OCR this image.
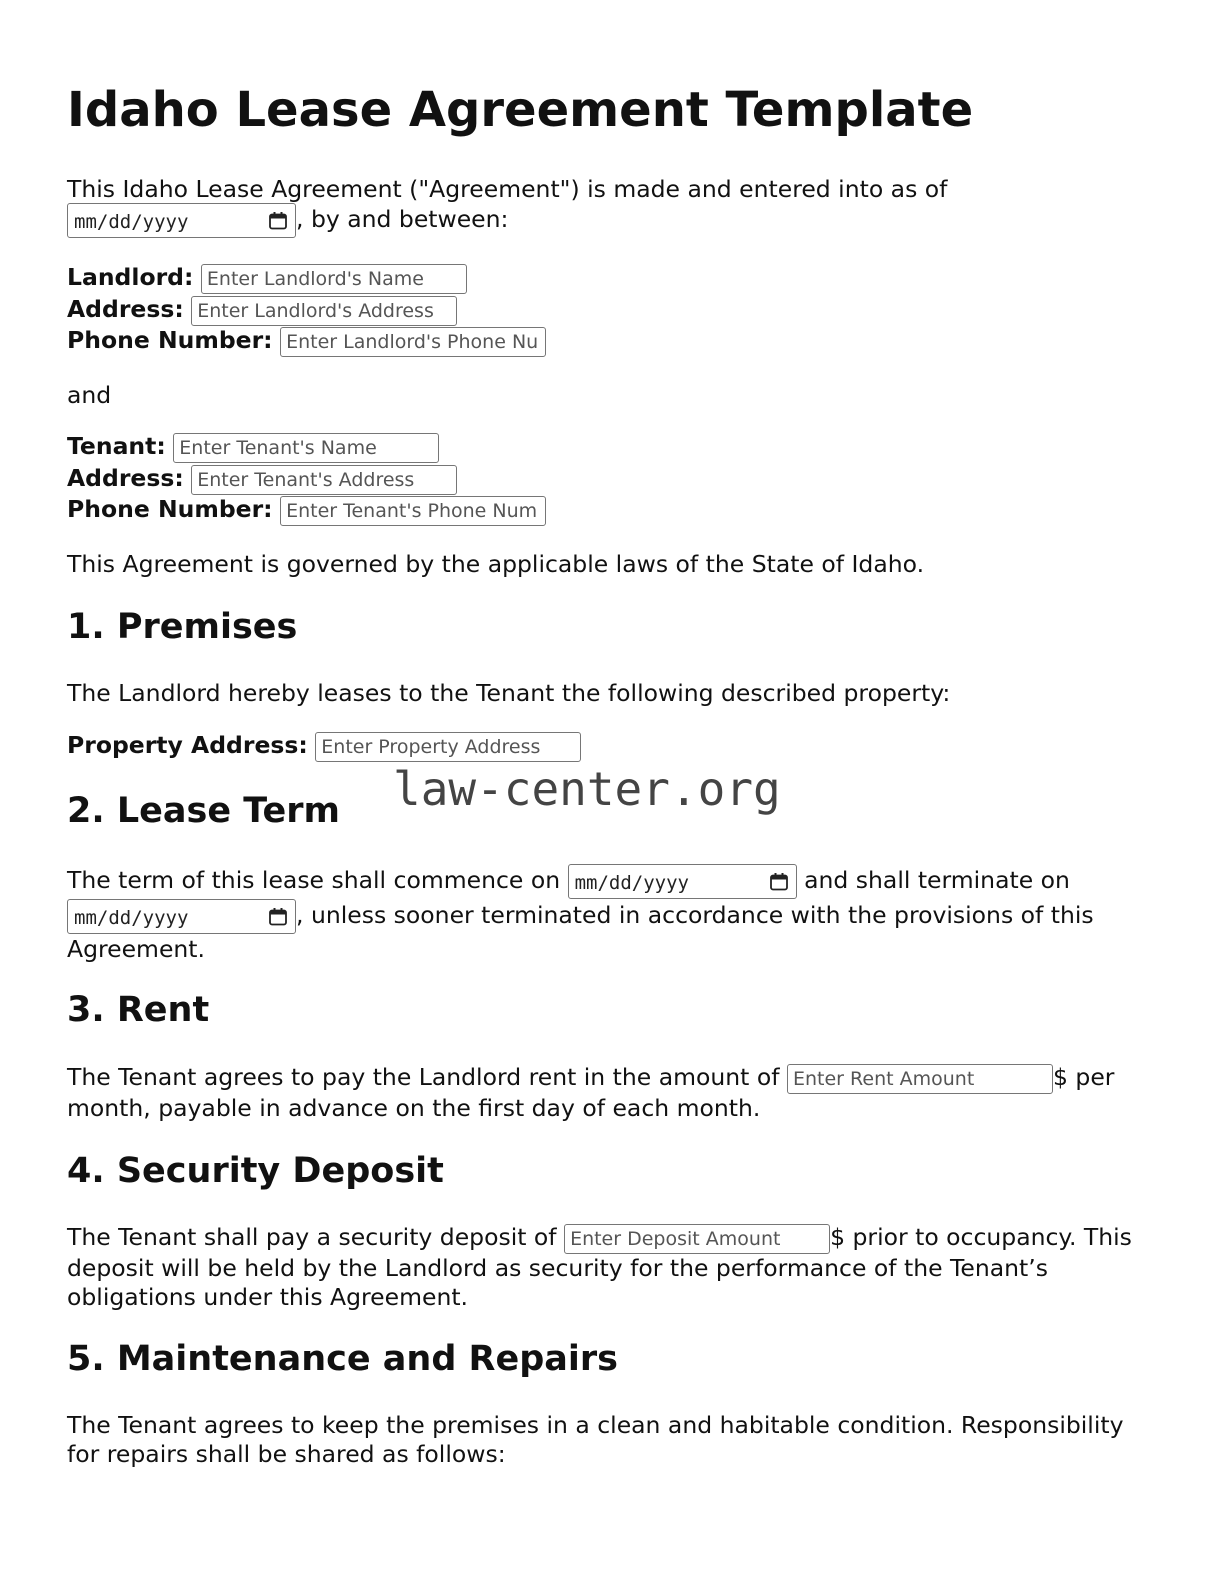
Idaho Lease Agreement Template
This Idaho Lease Agreement ("Agreement") is made and entered into as of
mm/dd/yyyy	, by and between:
Landlord: Enter Landlord's Name
Address: Enter Landlord's Address
Phone Number: Enter Landlord's Phone Nu
and
Tenant: Enter Tenant's Name
Address: Enter Tenant's Address
Phone Number: Enter Tenant's Phone Num
This Agreement is governed by the applicable laws of the State of Idaho.
1. Premises
The Landlord hereby leases to the Tenant the following described property:
Property Address: Enter Property Address
2. Lease Term
The term of this lease shall commence on mm/dd/yyyy	and shall terminate on
mm/dd/yyyy	, unless sooner terminated in accordance with the provisions of this
Agreement.
3. Rent
The Tenant agrees to pay the Landlord rent in the amount of Enter Rent Amount	$ per
month, payable in advance on the first day of each month.
4. Security Deposit
The Tenant shall pay a security deposit of Enter Deposit Amount $ prior to occupancy. This
deposit will be held by the Landlord as security for the performance of the Tenant’s
obligations under this Agreement.
5. Maintenance and Repairs
The Tenant agrees to keep the premises in a clean and habitable condition. Responsibility
for repairs shall be shared as follows:
law-center.org
